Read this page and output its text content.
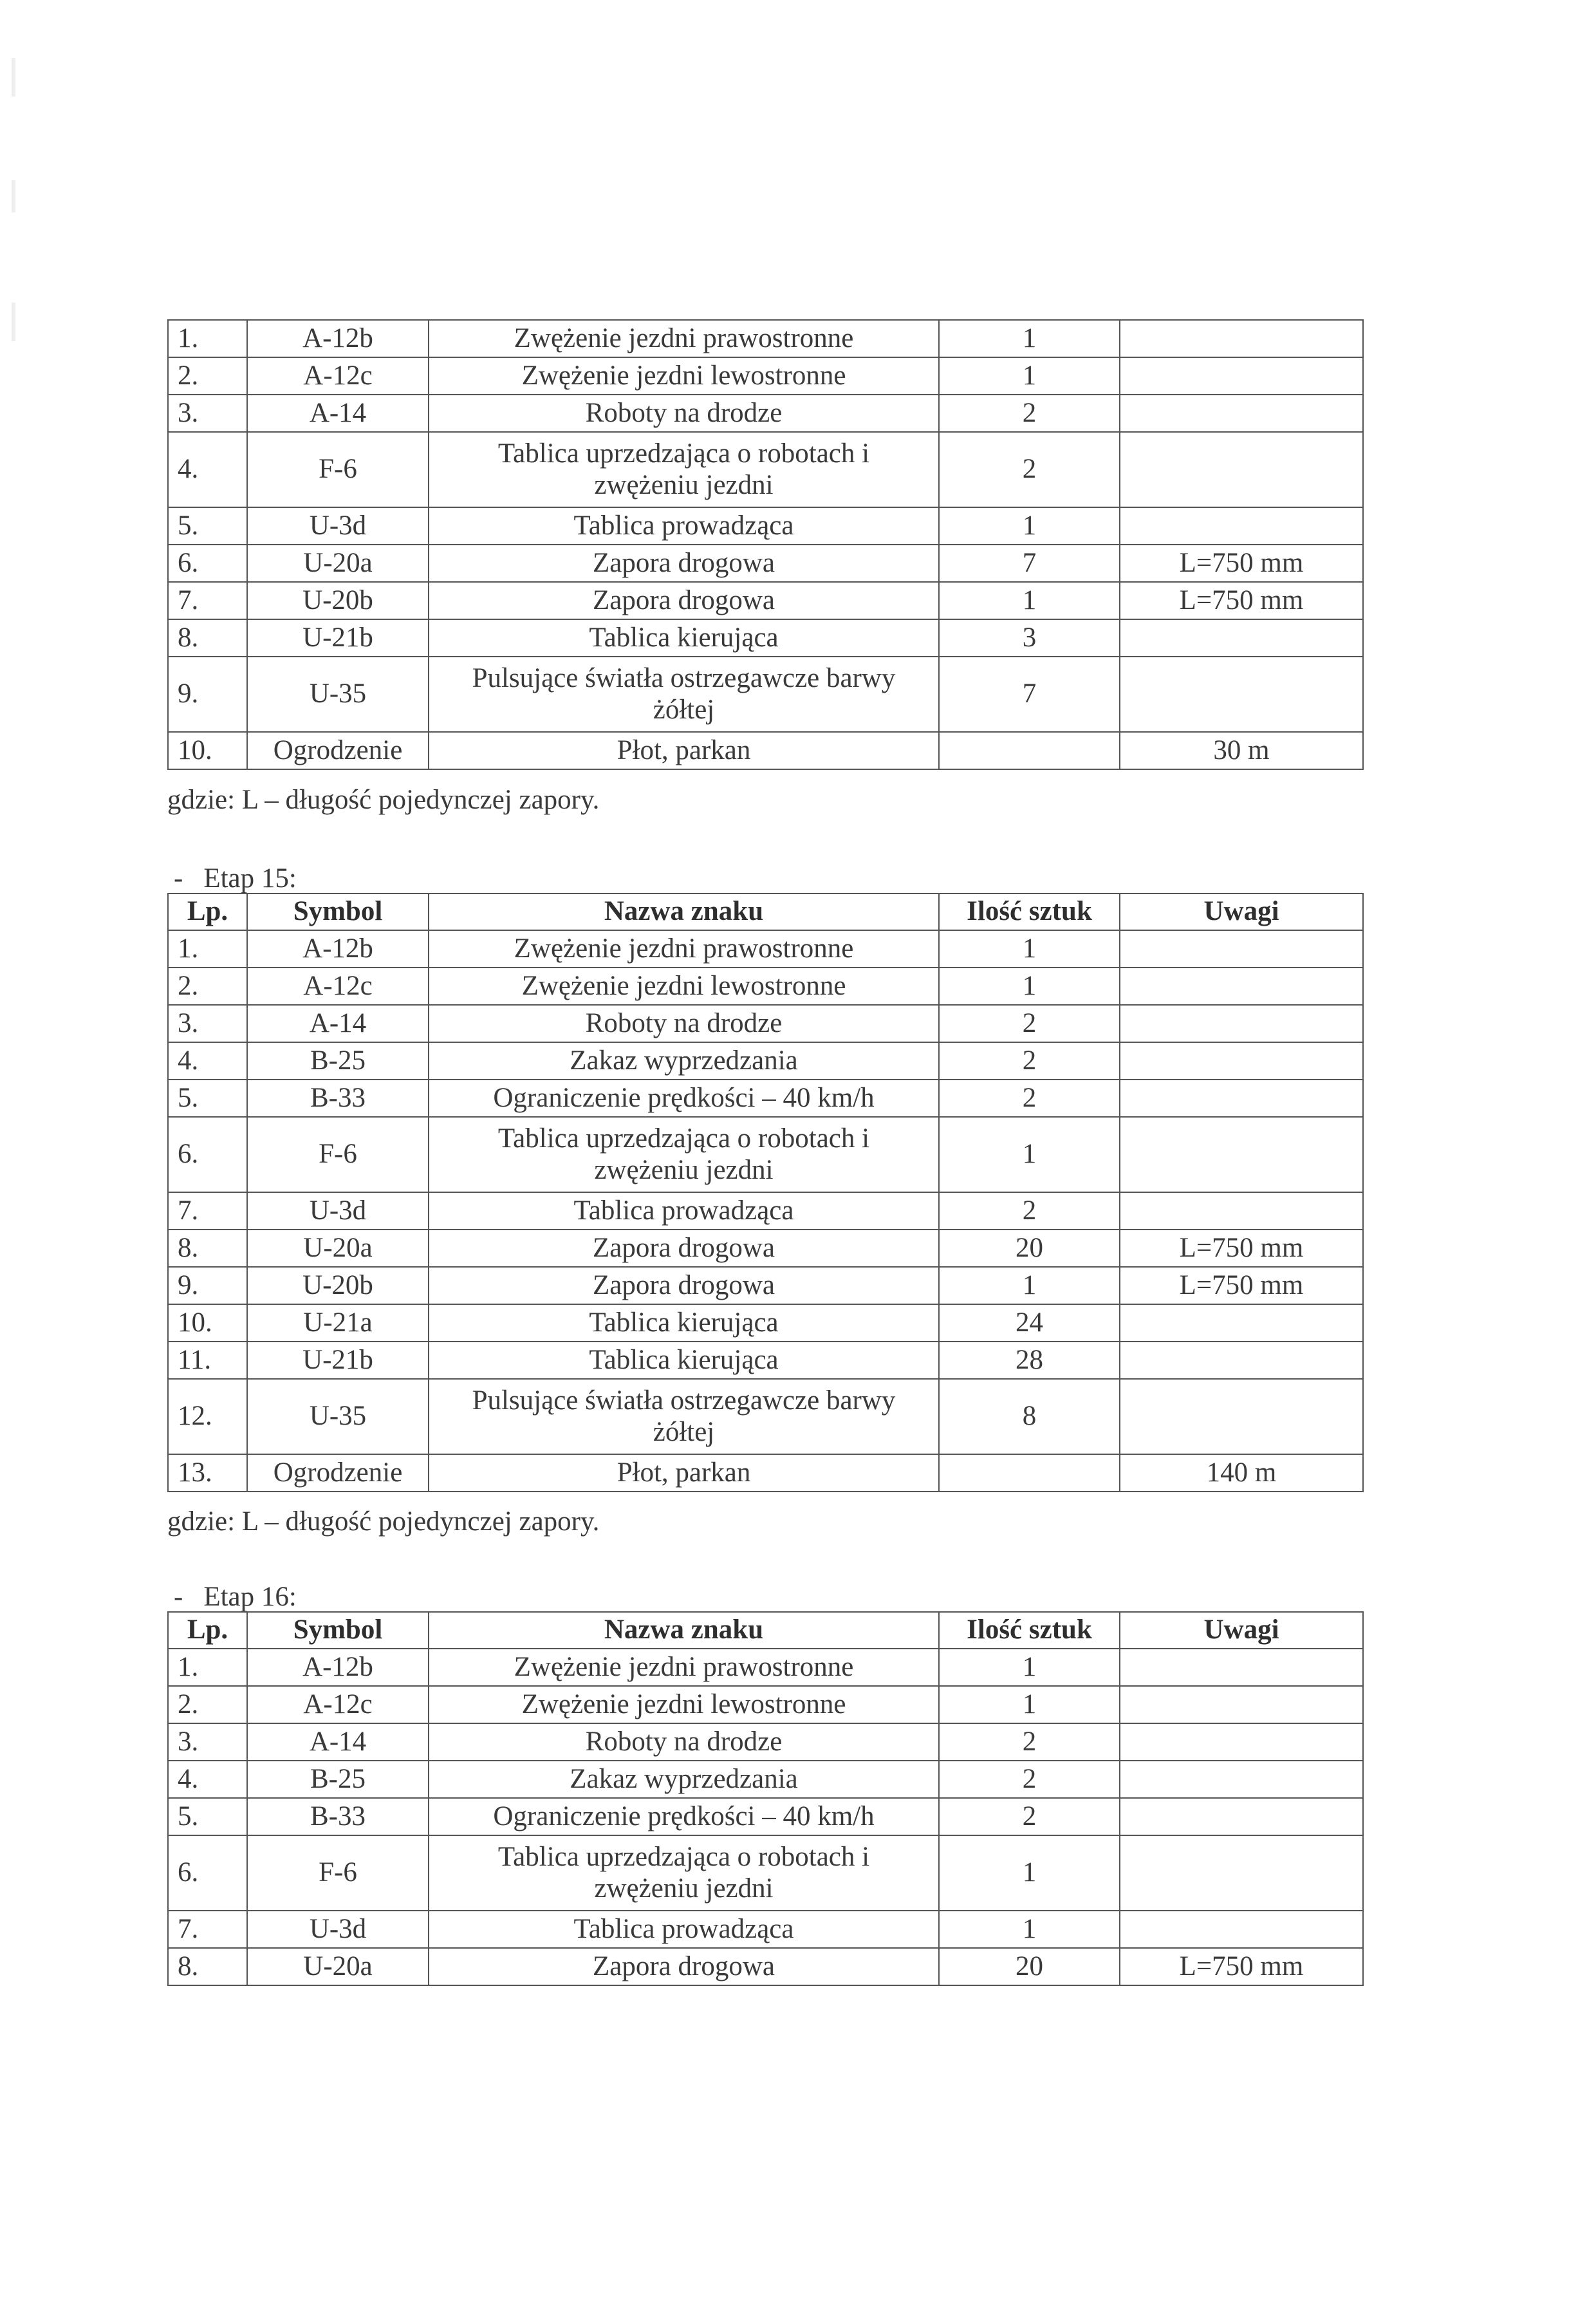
1.	A-12b	Zwężenie jezdni prawostronne	1	
2.	A-12c	Zwężenie jezdni lewostronne	1	
3.	A-14	Roboty na drodze	2	
4.	F-6	Tablica uprzedzająca o robotach i
zwężeniu jezdni	2	
5.	U-3d	Tablica prowadząca	1	
6.	U-20a	Zapora drogowa	7	L=750 mm
7.	U-20b	Zapora drogowa	1	L=750 mm
8.	U-21b	Tablica kierująca	3	
9.	U-35	Pulsujące światła ostrzegawcze barwy
żółtej	7	
10.	Ogrodzenie	Płot, parkan		30 m
gdzie: L – długość pojedynczej zapory.
- Etap 15:
Lp.	Symbol	Nazwa znaku	Ilość sztuk	Uwagi
1.	A-12b	Zwężenie jezdni prawostronne	1	
2.	A-12c	Zwężenie jezdni lewostronne	1	
3.	A-14	Roboty na drodze	2	
4.	B-25	Zakaz wyprzedzania	2	
5.	B-33	Ograniczenie prędkości – 40 km/h	2	
6.	F-6	Tablica uprzedzająca o robotach i
zwężeniu jezdni	1	
7.	U-3d	Tablica prowadząca	2	
8.	U-20a	Zapora drogowa	20	L=750 mm
9.	U-20b	Zapora drogowa	1	L=750 mm
10.	U-21a	Tablica kierująca	24	
11.	U-21b	Tablica kierująca	28	
12.	U-35	Pulsujące światła ostrzegawcze barwy
żółtej	8	
13.	Ogrodzenie	Płot, parkan		140 m
gdzie: L – długość pojedynczej zapory.
- Etap 16:
Lp.	Symbol	Nazwa znaku	Ilość sztuk	Uwagi
1.	A-12b	Zwężenie jezdni prawostronne	1	
2.	A-12c	Zwężenie jezdni lewostronne	1	
3.	A-14	Roboty na drodze	2	
4.	B-25	Zakaz wyprzedzania	2	
5.	B-33	Ograniczenie prędkości – 40 km/h	2	
6.	F-6	Tablica uprzedzająca o robotach i
zwężeniu jezdni	1	
7.	U-3d	Tablica prowadząca	1	
8.	U-20a	Zapora drogowa	20	L=750 mm
